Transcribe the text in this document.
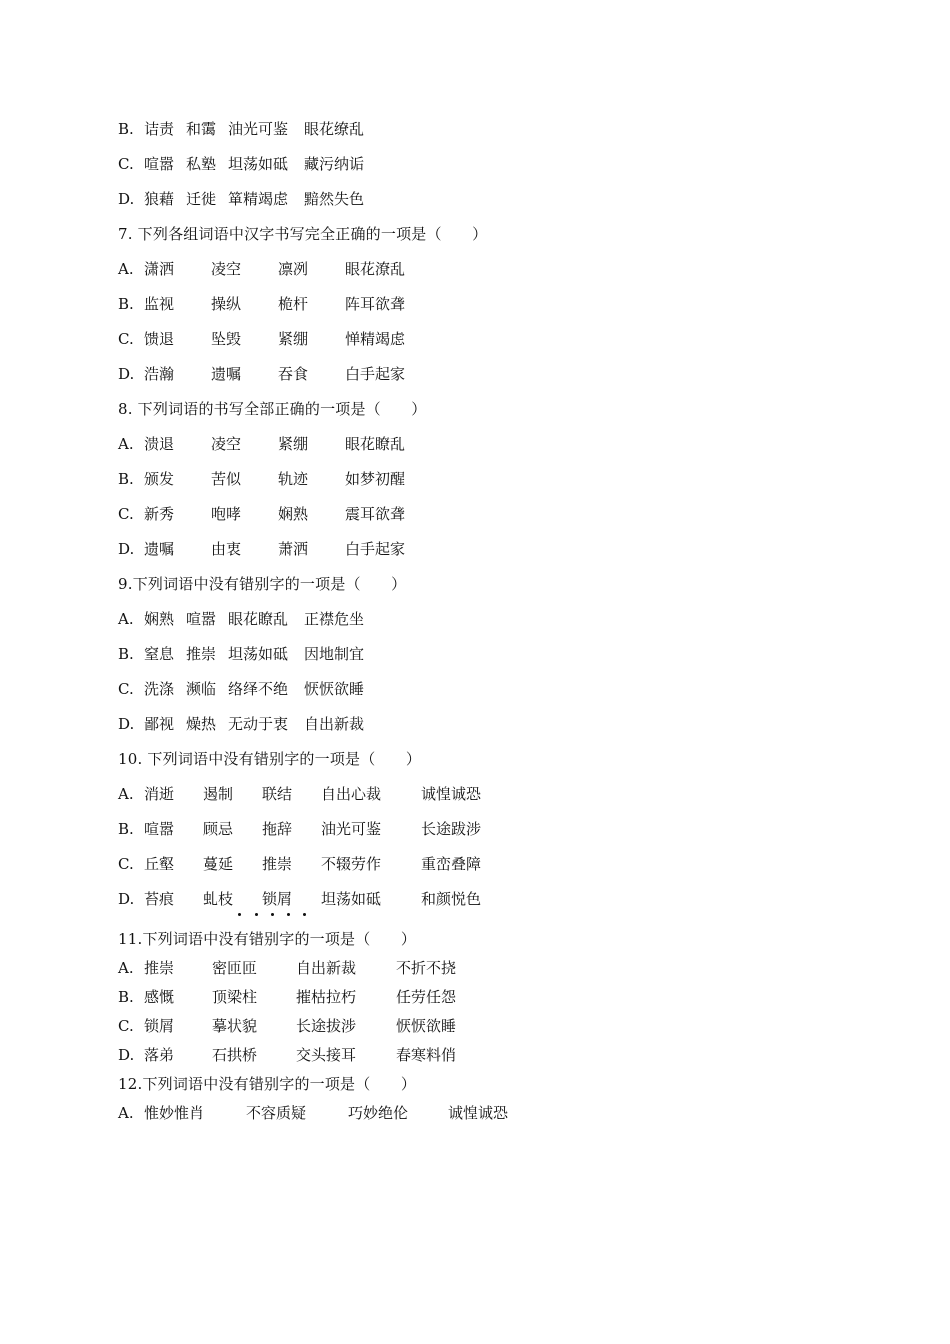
B. 诘责 和霭 油光可鉴	眼花缭乱
C. 喧嚣 私塾 坦荡如砥	藏污纳诟
D. 狼藉 迁徙 箪精竭虑	黯然失色
7. 下列各组词语中汉字书写完全正确的一项是（　　）
A. 潇洒	凌空	凛冽	眼花潦乱
B. 监视	操纵	桅杆	阵耳欲聋
C. 馈退	坠毁	紧绷	惮精竭虑
D. 浩瀚	遗嘱	吞食	白手起家
8. 下列词语的书写全部正确的一项是（　　）
A. 溃退	凌空	紧绷	眼花瞭乱
B. 颁发	苦似	轨迹	如梦初醒
C. 新秀	咆哮	娴熟	震耳欲聋
D. 遗嘱	由衷	萧洒	白手起家
9.下列词语中没有错别字的一项是（　　）
A. 娴熟 喧嚣 眼花瞭乱	正襟危坐
B. 窒息 推崇 坦荡如砥	因地制宜
C. 洗涤 濒临 络绎不绝	恹恹欲睡
D. 鄙视 燥热 无动于衷	自出新裁
10. 下列词语中没有错别字的一项是（　　）
A. 消逝	遏制	联结	自出心裁	诚惶诚恐
B. 喧嚣	顾忌	拖辞	油光可鉴	长途跋涉
C. 丘壑	蔓延	推崇	不辍劳作	重峦叠障
D. 苔痕	虬枝	锁屑	坦荡如砥	和颜悦色
11.下列词语中没有错别字的一项是（　　）
A. 推崇	密匝匝	自出新裁	不折不挠
B. 感慨	顶梁柱	摧枯拉朽	任劳任怨
C. 锁屑	摹状貌	长途拔涉	恹恹欲睡
D. 落弟	石拱桥	交头接耳	春寒料俏
12.下列词语中没有错别字的一项是（　　）
A. 惟妙惟肖	不容质疑	巧妙绝伦	诚惶诚恐
